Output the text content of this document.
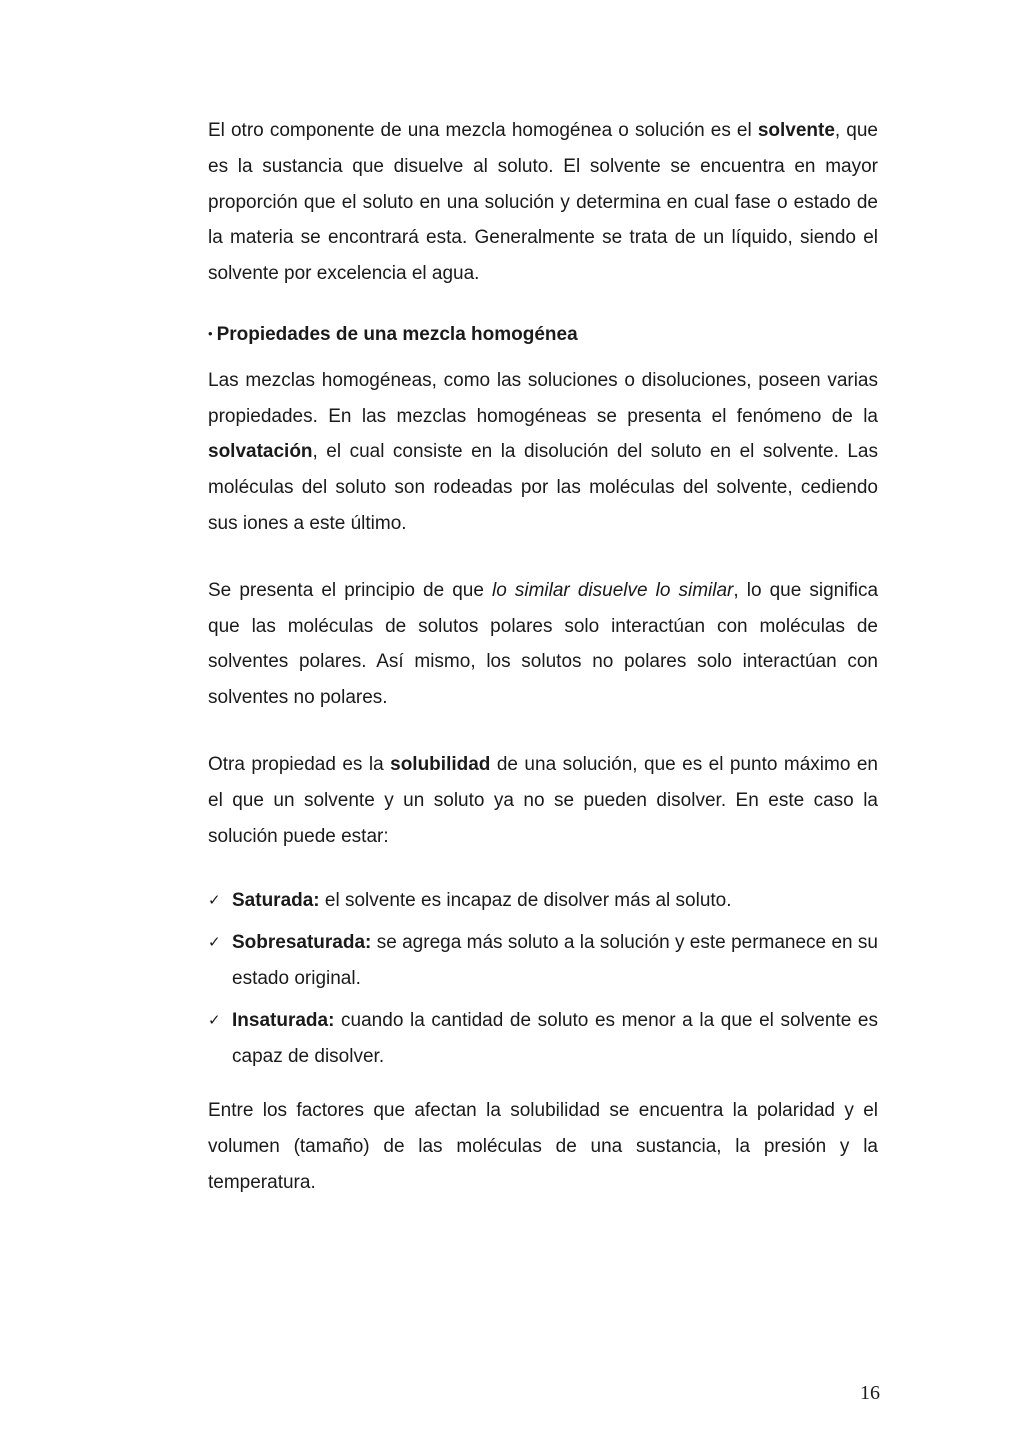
El otro componente de una mezcla homogénea o solución es el solvente, que es la sustancia que disuelve al soluto. El solvente se encuentra en mayor proporción que el soluto en una solución y determina en cual fase o estado de la materia se encontrará esta. Generalmente se trata de un líquido, siendo el solvente por excelencia el agua.

• Propiedades de una mezcla homogénea

Las mezclas homogéneas, como las soluciones o disoluciones, poseen varias propiedades. En las mezclas homogéneas se presenta el fenómeno de la solvatación, el cual consiste en la disolución del soluto en el solvente. Las moléculas del soluto son rodeadas por las moléculas del solvente, cediendo sus iones a este último.

Se presenta el principio de que lo similar disuelve lo similar, lo que significa que las moléculas de solutos polares solo interactúan con moléculas de solventes polares. Así mismo, los solutos no polares solo interactúan con solventes no polares.

Otra propiedad es la solubilidad de una solución, que es el punto máximo en el que un solvente y un soluto ya no se pueden disolver. En este caso la solución puede estar:

✓ Saturada: el solvente es incapaz de disolver más al soluto.
✓ Sobresaturada: se agrega más soluto a la solución y este permanece en su estado original.
✓ Insaturada: cuando la cantidad de soluto es menor a la que el solvente es capaz de disolver.

Entre los factores que afectan la solubilidad se encuentra la polaridad y el volumen (tamaño) de las moléculas de una sustancia, la presión y la temperatura.

16
